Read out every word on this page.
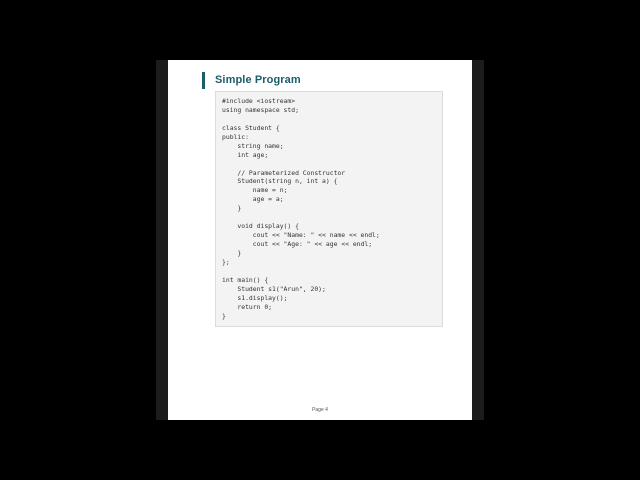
Simple Program
#include <iostream>
using namespace std;
class Student {
public:
string name;
int age;
// Parameterized Constructor
Student(string n, int a) {
name = n;
age = a;
}
void display() {
cout << "Name: " << name << endl;
cout << "Age: " << age << endl;
}
};
int main() {
Student s1("Arun", 20);
s1.display();
return 0;
}
Page 4
